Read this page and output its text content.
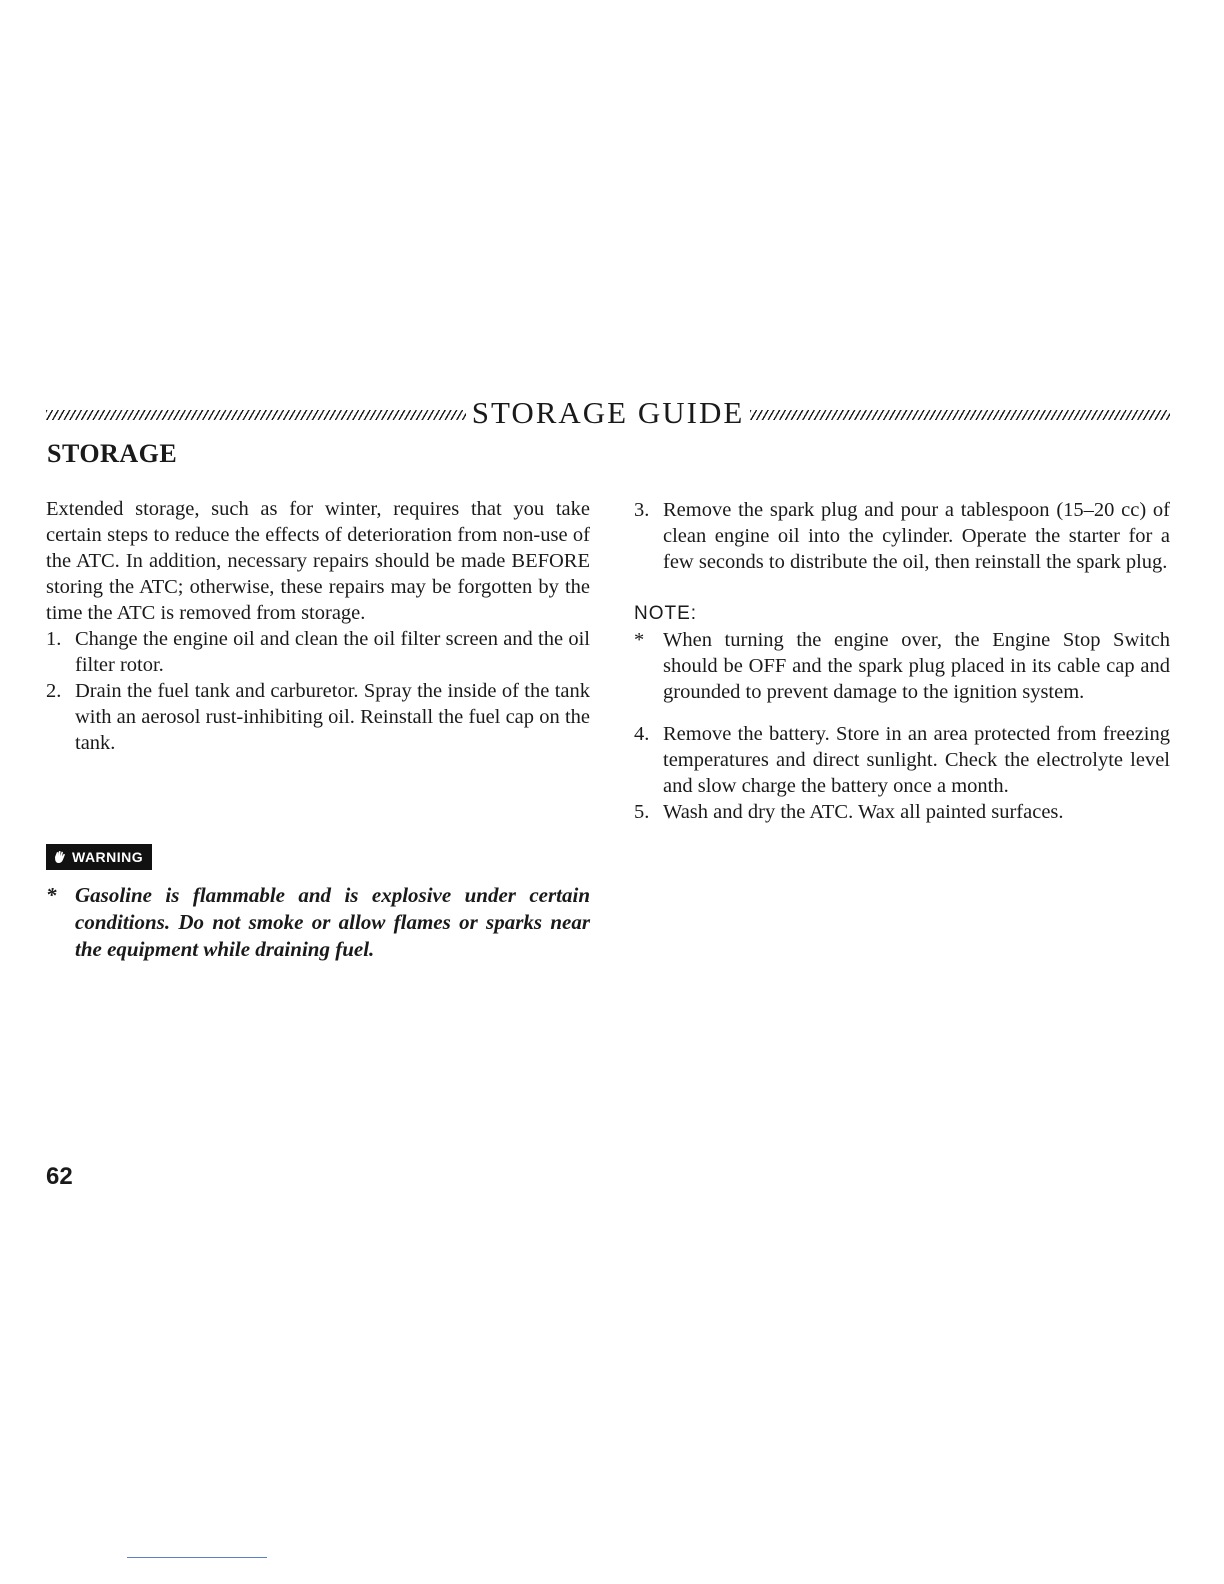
STORAGE GUIDE
STORAGE

Extended storage, such as for winter, requires that you take certain steps to reduce the effects of deterioration from non-use of the ATC. In addition, necessary repairs should be made BEFORE storing the ATC; otherwise, these repairs may be forgotten by the time the ATC is removed from storage.

1. Change the engine oil and clean the oil filter screen and the oil filter rotor.
2. Drain the fuel tank and carburetor. Spray the inside of the tank with an aerosol rust-inhibiting oil. Reinstall the fuel cap on the tank.
WARNING
* Gasoline is flammable and is explosive under certain conditions. Do not smoke or allow flames or sparks near the equipment while draining fuel.
3. Remove the spark plug and pour a tablespoon (15–20 cc) of clean engine oil into the cylinder. Operate the starter for a few seconds to distribute the oil, then reinstall the spark plug.

NOTE:

* When turning the engine over, the Engine Stop Switch should be OFF and the spark plug placed in its cable cap and grounded to prevent damage to the ignition system.
4. Remove the battery. Store in an area protected from freezing temperatures and direct sunlight. Check the electrolyte level and slow charge the battery once a month.
5. Wash and dry the ATC. Wax all painted surfaces.

62
